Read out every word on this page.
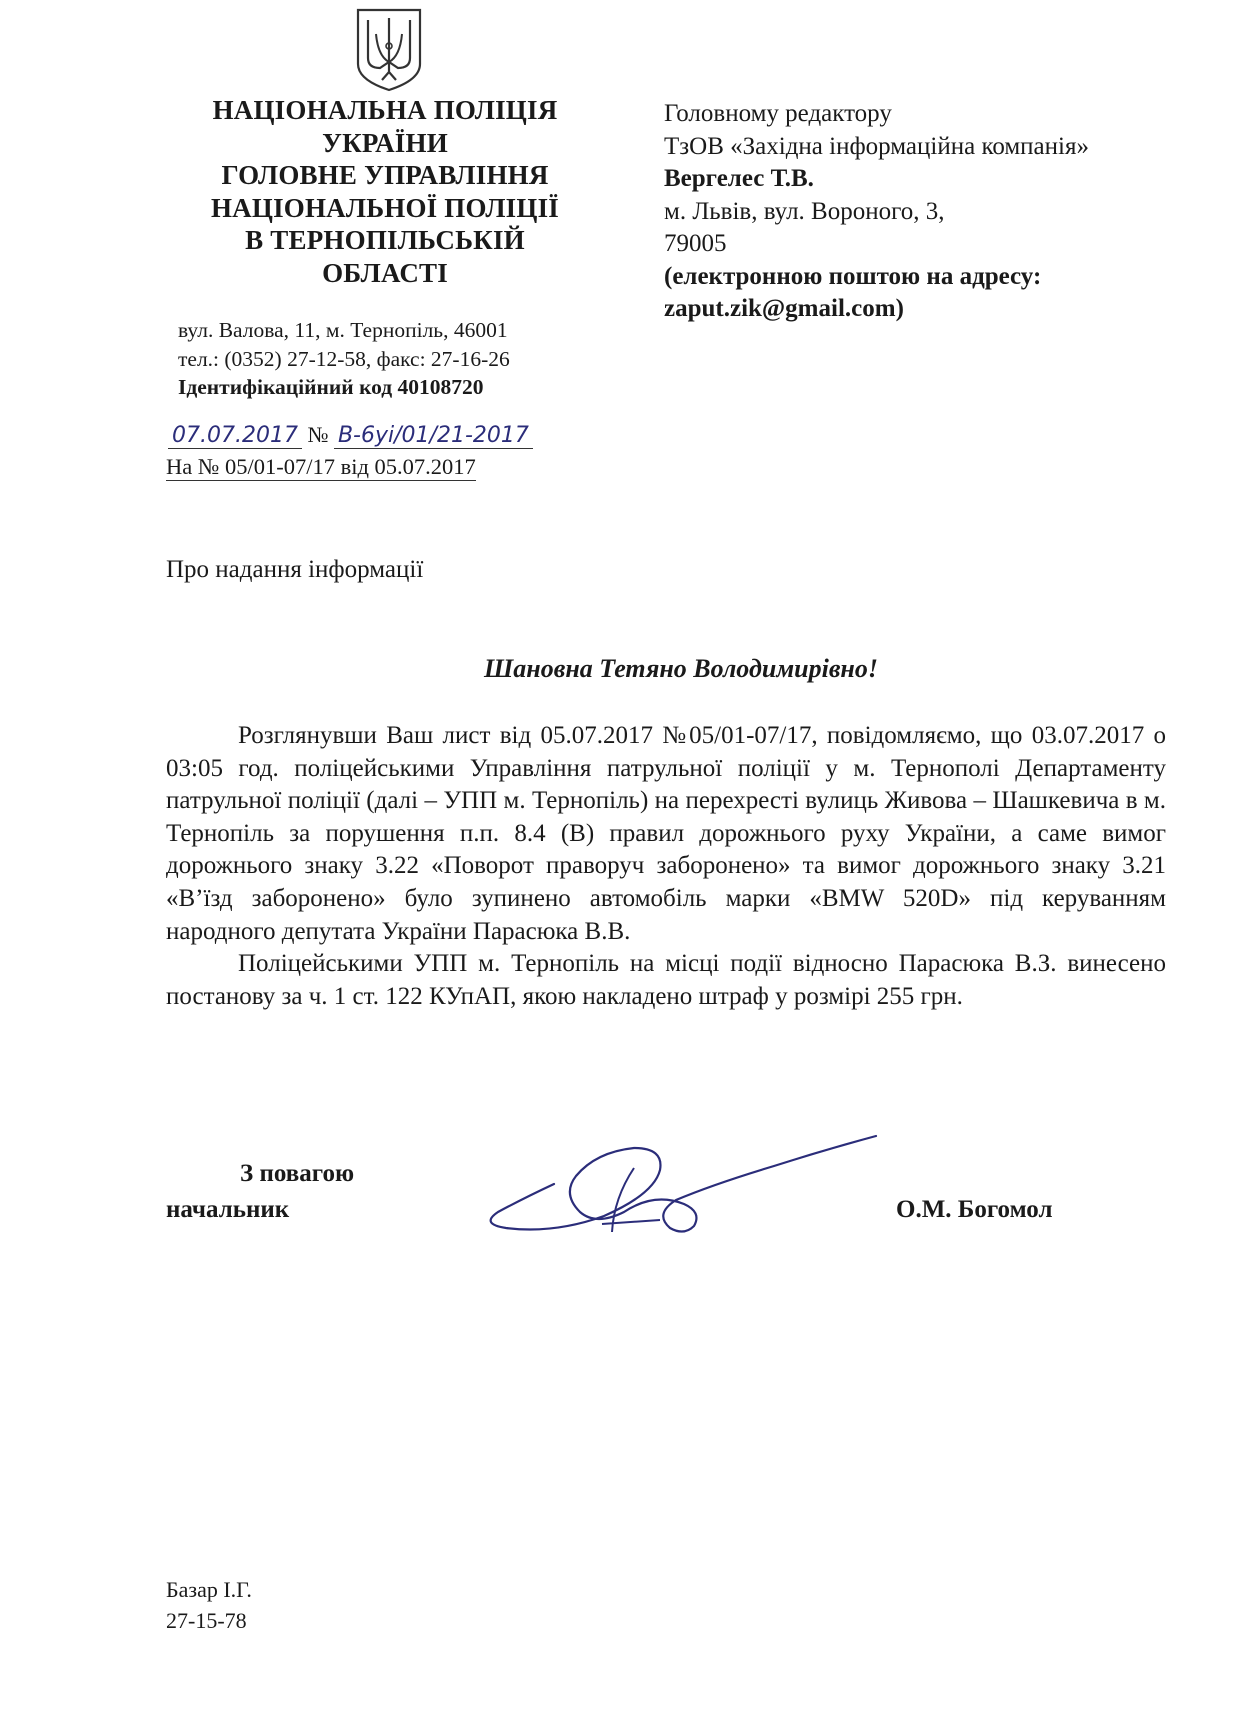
НАЦІОНАЛЬНА ПОЛІЦІЯ
УКРАЇНИ
ГОЛОВНЕ УПРАВЛІННЯ
НАЦІОНАЛЬНОЇ ПОЛІЦІЇ
В ТЕРНОПІЛЬСЬКІЙ
ОБЛАСТІ
вул. Валова, 11, м. Тернопіль, 46001
тел.: (0352) 27-12-58, факс: 27-16-26
Ідентифікаційний код 40108720
Головному редактору
ТзОВ «Західна інформаційна компанія»
Вергелес Т.В.
м. Львів, вул. Вороного, 3,
79005
(електронною поштою на адресу:
zaput.zik@gmail.com)
07.07.2017 № В-6уі/01/21-2017
На № 05/01-07/17 від 05.07.2017
Про надання інформації
Шановна Тетяно Володимирівно!

Розглянувши Ваш лист від 05.07.2017 №05/01-07/17, повідомляємо, що 03.07.2017 о 03:05 год. поліцейськими Управління патрульної поліції у м. Тернополі Департаменту патрульної поліції (далі – УПП м. Тернопіль) на перехресті вулиць Живова – Шашкевича в м. Тернопіль за порушення п.п. 8.4 (В) правил дорожнього руху України, а саме вимог дорожнього знаку 3.22 «Поворот праворуч заборонено» та вимог дорожнього знаку 3.21 «В’їзд заборонено» було зупинено автомобіль марки «BMW 520D» під керуванням народного депутата України Парасюка В.В.

Поліцейськими УПП м. Тернопіль на місці події відносно Парасюка В.З. винесено постанову за ч. 1 ст. 122 КУпАП, якою накладено штраф у розмірі 255 грн.

З повагою
начальник	О.М. Богомол
Базар І.Г.
27-15-78
